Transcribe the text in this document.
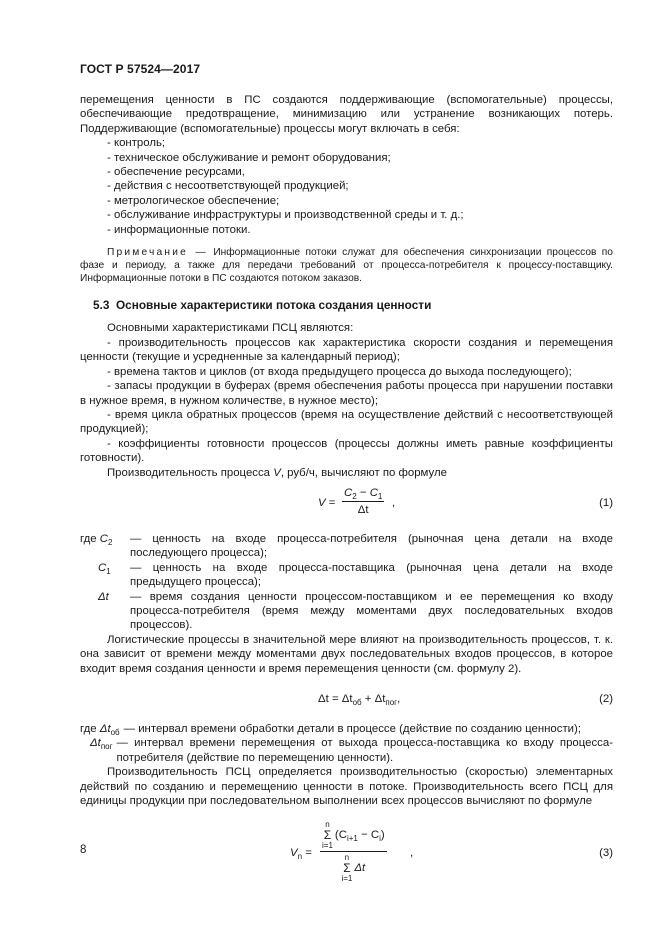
ГОСТ Р 57524—2017

перемещения ценности в ПС создаются поддерживающие (вспомогательные) процессы, обеспечивающие предотвращение, минимизацию или устранение возникающих потерь. Поддерживающие (вспомогательные) процессы могут включать в себя:

- контроль;
- техническое обслуживание и ремонт оборудования;
- обеспечение ресурсами,
- действия с несоответствующей продукцией;
- метрологическое обеспечение;
- обслуживание инфраструктуры и производственной среды и т. д.;
- информационные потоки.

Примечание — Информационные потоки служат для обеспечения синхронизации процессов по фазе и периоду, а также для передачи требований от процесса-потребителя к процессу-поставщику. Информационные потоки в ПС создаются потоком заказов.

5.3 Основные характеристики потока создания ценности

Основными характеристиками ПСЦ являются:

- производительность процессов как характеристика скорости создания и перемещения ценности (текущие и усредненные за календарный период);

- времена тактов и циклов (от входа предыдущего процесса до выхода последующего);

- запасы продукции в буферах (время обеспечения работы процесса при нарушении поставки в нужное время, в нужном количестве, в нужное место);

- время цикла обратных процессов (время на осуществление действий с несоответствующей продукцией);

- коэффициенты готовности процессов (процессы должны иметь равные коэффициенты готовности).

Производительность процесса V, руб/ч, вычисляют по формуле

$V = \frac{C_2 - C_1}{\Delta t}$ ,	(1)
где $C_2$	— ценность на входе процесса-потребителя (рыночная цена детали на входе последующего процесса);
$C_1$	— ценность на входе процесса-поставщика (рыночная цена детали на входе предыдущего процесса);
Δt	— время создания ценности процессом-поставщиком и ее перемещения ко входу процесса-потребителя (время между моментами двух последовательных входов процессов).

Логистические процессы в значительной мере влияют на производительность процессов, т. к. она зависит от времени между моментами двух последовательных входов процессов, в которое входит время создания ценности и время перемещения ценности (см. формулу 2).

$\Delta t = \Delta t_{об} + \Delta t_{пог}$,	(2)
где $\Delta t_{об}$ — интервал времени обработки детали в процессе (действие по созданию ценности);
$\Delta t_{пог}$ — интервал времени перемещения от выхода процесса-поставщика ко входу процесса-потребителя (действие по перемещению ценности).

Производительность ПСЦ определяется производительностью (скоростью) элементарных действий по созданию и перемещению ценности в потоке. Производительность всего ПСЦ для единицы продукции при последовательном выполнении всех процессов вычисляют по формуле

$V_n = n$
Σ
i=1
$(C_{i+1} - C_i)$
n
Σ
i=1
Δt ,	(3)
8
